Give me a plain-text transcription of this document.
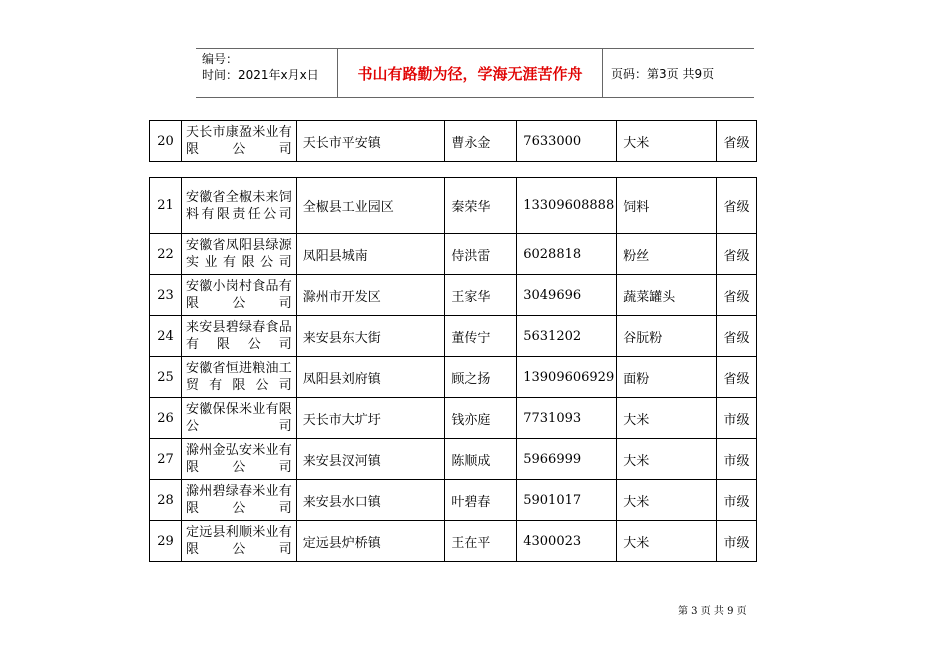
编号：
时间：2021年x月x日	书山有路勤为径，学海无涯苦作舟	页码：第3页 共9页
20	天长市康盈米业有限公司	天长市平安镇	曹永金	7633000	大米	省级
21	安徽省全椒未来饲料有限责任公司	全椒县工业园区	秦荣华	13309608888	饲料	省级
22	安徽省凤阳县绿源实业有限公司	凤阳县城南	侍洪雷	6028818	粉丝	省级
23	安徽小岗村食品有限公司	滁州市开发区	王家华	3049696	蔬菜罐头	省级
24	来安县碧绿春食品有限公司	来安县东大街	董传宁	5631202	谷朊粉	省级
25	安徽省恒进粮油工贸有限公司	凤阳县刘府镇	顾之扬	13909606929	面粉	省级
26	安徽保保米业有限公司	天长市大圹圩	钱亦庭	7731093	大米	市级
27	滁州金弘安米业有限公司	来安县汊河镇	陈顺成	5966999	大米	市级
28	滁州碧绿春米业有限公司	来安县水口镇	叶碧春	5901017	大米	市级
29	定远县利顺米业有限公司	定远县炉桥镇	王在平	4300023	大米	市级
第 3 页 共 9 页
